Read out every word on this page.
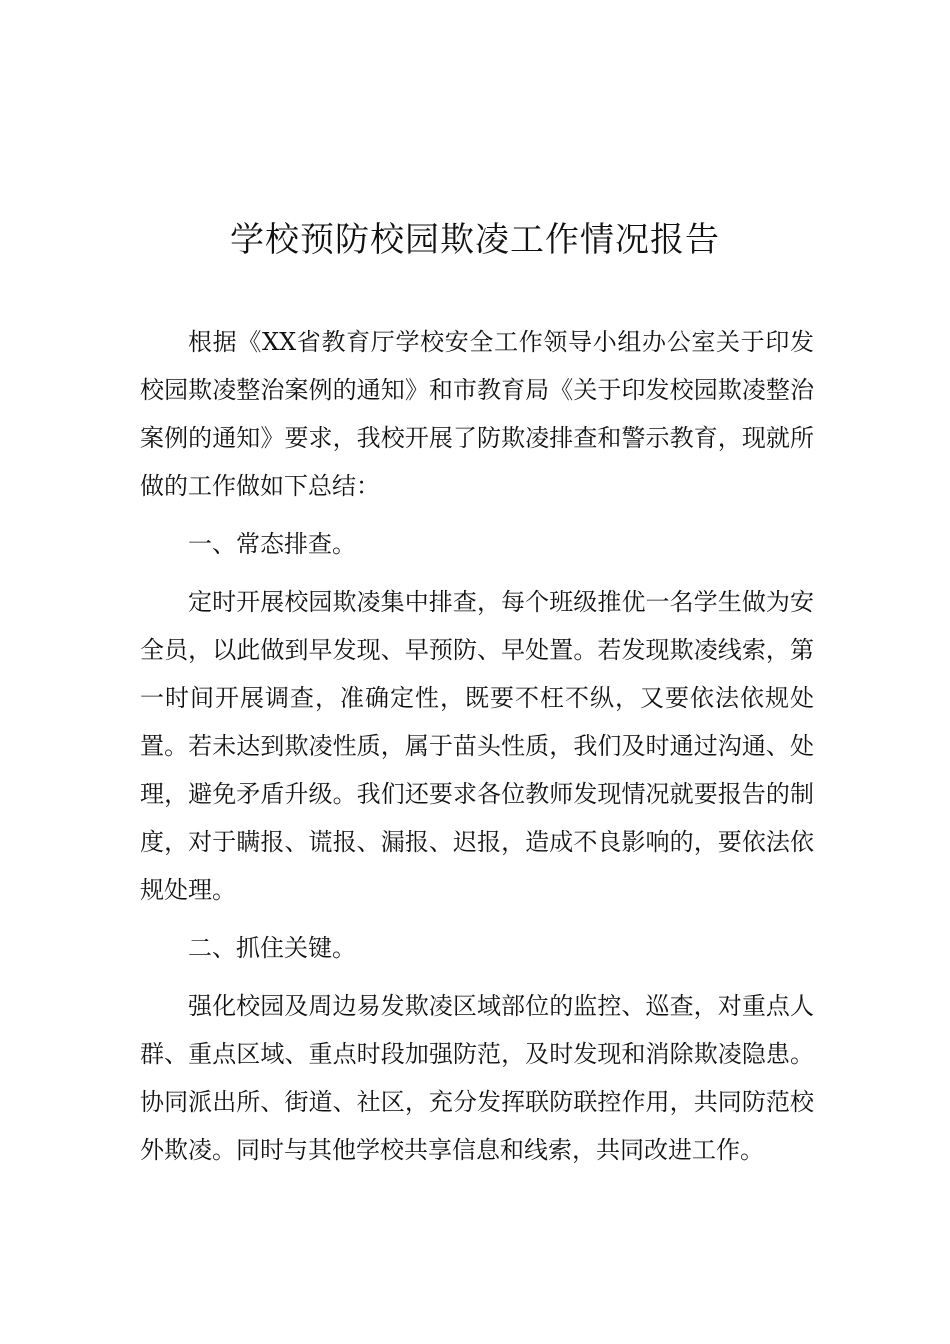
学校预防校园欺凌工作情况报告

根据《XX省教育厅学校安全工作领导小组办公室关于印发校园欺凌整治案例的通知》和市教育局《关于印发校园欺凌整治案例的通知》要求，我校开展了防欺凌排查和警示教育，现就所做的工作做如下总结：

一、常态排查。

定时开展校园欺凌集中排查，每个班级推优一名学生做为安全员，以此做到早发现、早预防、早处置。若发现欺凌线索，第一时间开展调查，准确定性，既要不枉不纵，又要依法依规处置。若未达到欺凌性质，属于苗头性质，我们及时通过沟通、处理，避免矛盾升级。我们还要求各位教师发现情况就要报告的制度，对于瞒报、谎报、漏报、迟报，造成不良影响的，要依法依规处理。

二、抓住关键。

强化校园及周边易发欺凌区域部位的监控、巡查，对重点人群、重点区域、重点时段加强防范，及时发现和消除欺凌隐患。协同派出所、街道、社区，充分发挥联防联控作用，共同防范校外欺凌。同时与其他学校共享信息和线索，共同改进工作。
